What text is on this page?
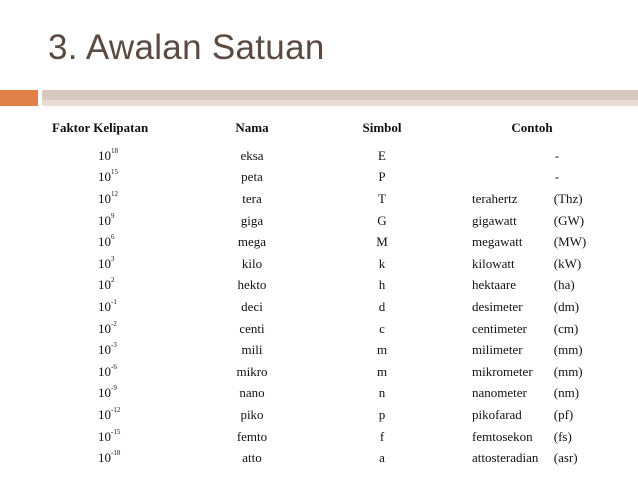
3. Awalan Satuan
Faktor Kelipatan	Nama	Simbol	Contoh
$10^{18}$	eksa	E	-
$10^{15}$	peta	P	-
$10^{12}$	tera	T	terahertz (Thz)
$10^9$	giga	G	gigawatt (GW)
$10^6$	mega	M	megawatt (MW)
$10^3$	kilo	k	kilowatt (kW)
$10^2$	hekto	h	hektaare (ha)
$10^{-1}$	deci	d	desimeter (dm)
$10^{-2}$	centi	c	centimeter (cm)
$10^{-3}$	mili	m	milimeter (mm)
$10^{-6}$	mikro	m	mikrometer (mm)
$10^{-9}$	nano	n	nanometer (nm)
$10^{-12}$	piko	p	pikofarad (pf)
$10^{-15}$	femto	f	femtosekon (fs)
$10^{-18}$	atto	a	attosteradian (asr)
